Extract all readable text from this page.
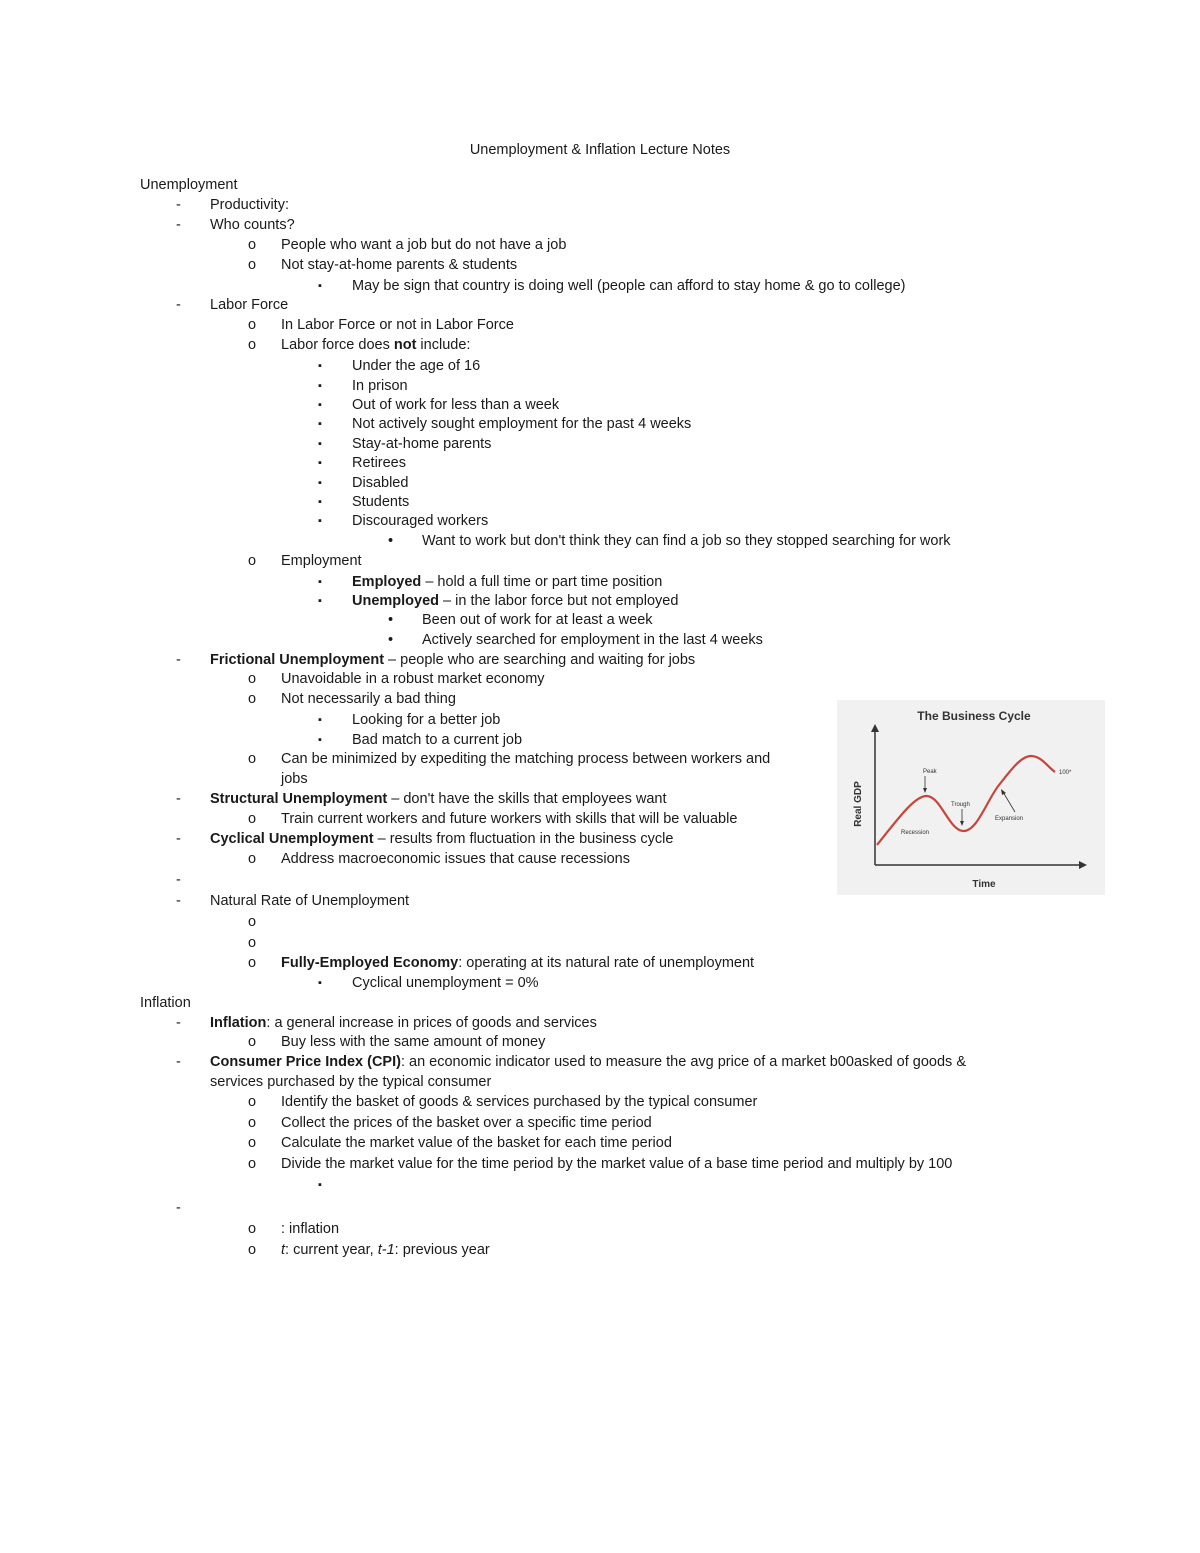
Unemployment & Inflation Lecture Notes
Unemployment
- Productivity:
- Who counts?
o People who want a job but do not have a job
o Not stay-at-home parents & students
▪ May be sign that country is doing well (people can afford to stay home & go to college)
- Labor Force
o In Labor Force or not in Labor Force
o Labor force does not include:
▪ Under the age of 16
▪ In prison
▪ Out of work for less than a week
▪ Not actively sought employment for the past 4 weeks
▪ Stay-at-home parents
▪ Retirees
▪ Disabled
▪ Students
▪ Discouraged workers
• Want to work but don't think they can find a job so they stopped searching for work
o Employment
▪ Employed – hold a full time or part time position
▪ Unemployed – in the labor force but not employed
• Been out of work for at least a week
• Actively searched for employment in the last 4 weeks
- Frictional Unemployment – people who are searching and waiting for jobs
o Unavoidable in a robust market economy
o Not necessarily a bad thing
▪ Looking for a better job
▪ Bad match to a current job
o Can be minimized by expediting the matching process between workers and
jobs
- Structural Unemployment – don't have the skills that employees want
o Train current workers and future workers with skills that will be valuable
- Cyclical Unemployment – results from fluctuation in the business cycle
o Address macroeconomic issues that cause recessions
-
- Natural Rate of Unemployment
o
o
o Fully-Employed Economy: operating at its natural rate of unemployment
▪ Cyclical unemployment = 0%
Inflation
- Inflation: a general increase in prices of goods and services
o Buy less with the same amount of money
- Consumer Price Index (CPI): an economic indicator used to measure the avg price of a market b00asked of goods &
services purchased by the typical consumer
o Identify the basket of goods & services purchased by the typical consumer
o Collect the prices of the basket over a specific time period
o Calculate the market value of the basket for each time period
o Divide the market value for the time period by the market value of a base time period and multiply by 100
▪
-
o : inflation
o t: current year, t-1: previous year
The Business Cycle
Real GDP
Time
Peak
Trough
Recession
Expansion
100*
